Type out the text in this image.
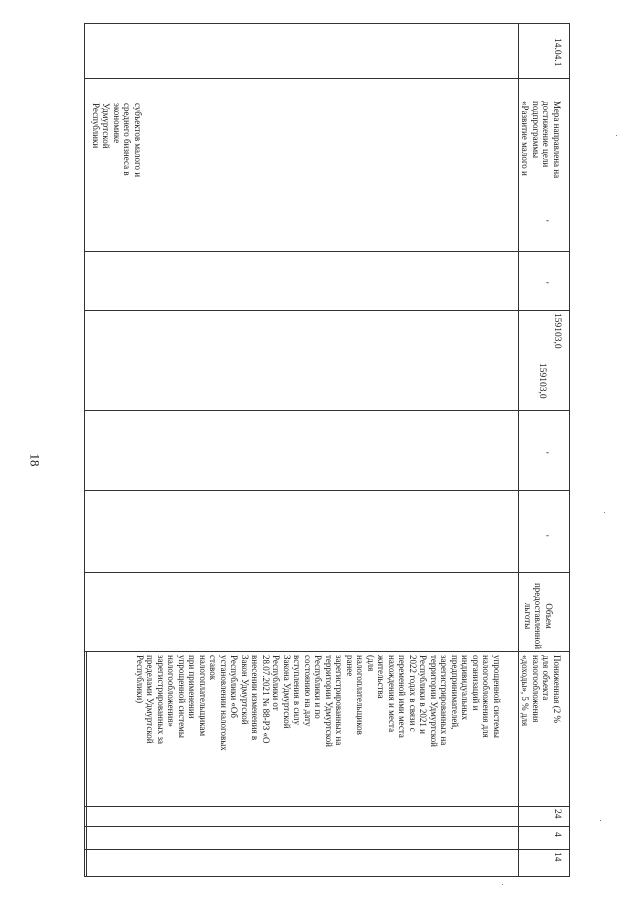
18
упрощенной системы
налогообложения для
организаций и
индивидуальных
предпринимателей,
зарегистрированных на
территории Удмуртской
Республики в 2021 и
2022 годах в связи с
переменой ими места
нахождения и места
жительства
(для
налогоплательщиков
ранее
зарегистрированных на
территории Удмуртской
Республики и по
состоянию на дату
вступления в силу
Закона Удмуртской
Республики от
28.07.2021 № 88-РЗ «О
внесении изменения в
Закон Удмуртской
Республики «Об
установлении налоговых
ставок
налогоплательщикам
при применении
упрощенной системы
налогообложения»
зарегистрированных за
пределами Удмуртской
Республики)
субъектов малого и
среднего бизнеса в
экономике
Удмуртской
Республики
14
4
24
Пониженная (2 %
для объекта
налогообложения
«доходы», 5 % для
Объем
предоставленной
льготы
-
-
-
-
159103,0
159103,0
Мера направлена на
достижение цели
подпрограммы
«Развитие малого и
14.04.1
